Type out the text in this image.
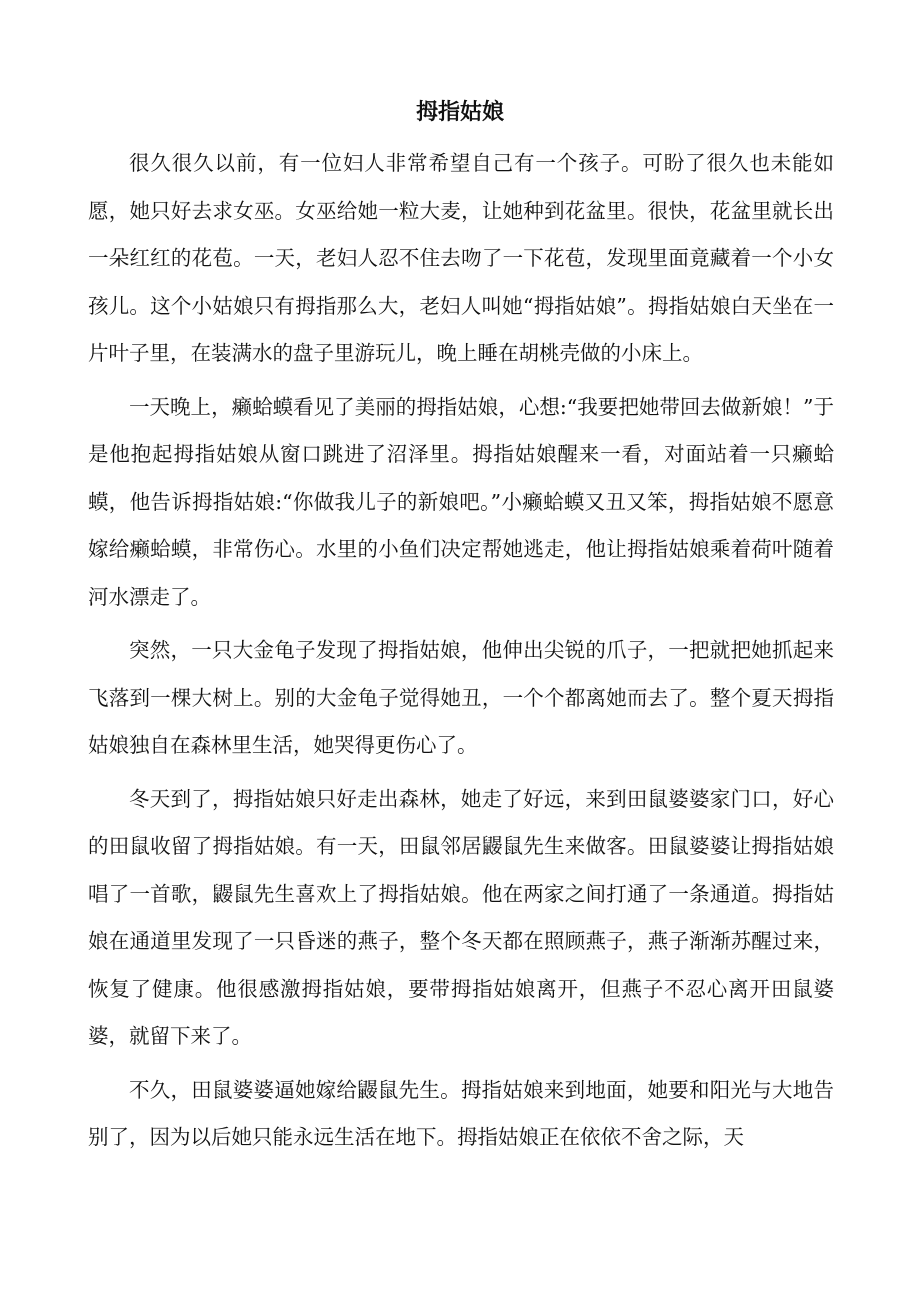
拇指姑娘

很久很久以前，有一位妇人非常希望自己有一个孩子。可盼了很久也未能如愿，她只好去求女巫。女巫给她一粒大麦，让她种到花盆里。很快，花盆里就长出一朵红红的花苞。一天，老妇人忍不住去吻了一下花苞，发现里面竟藏着一个小女孩儿。这个小姑娘只有拇指那么大，老妇人叫她“拇指姑娘”。拇指姑娘白天坐在一片叶子里，在装满水的盘子里游玩儿，晚上睡在胡桃壳做的小床上。

一天晚上，癞蛤蟆看见了美丽的拇指姑娘，心想:“我要把她带回去做新娘！”于是他抱起拇指姑娘从窗口跳进了沼泽里。拇指姑娘醒来一看，对面站着一只癞蛤蟆，他告诉拇指姑娘:“你做我儿子的新娘吧。”小癞蛤蟆又丑又笨，拇指姑娘不愿意嫁给癞蛤蟆，非常伤心。水里的小鱼们决定帮她逃走，他让拇指姑娘乘着荷叶随着河水漂走了。

突然，一只大金龟子发现了拇指姑娘，他伸出尖锐的爪子，一把就把她抓起来飞落到一棵大树上。别的大金龟子觉得她丑，一个个都离她而去了。整个夏天拇指姑娘独自在森林里生活，她哭得更伤心了。

冬天到了，拇指姑娘只好走出森林，她走了好远，来到田鼠婆婆家门口，好心的田鼠收留了拇指姑娘。有一天，田鼠邻居鼹鼠先生来做客。田鼠婆婆让拇指姑娘唱了一首歌，鼹鼠先生喜欢上了拇指姑娘。他在两家之间打通了一条通道。拇指姑娘在通道里发现了一只昏迷的燕子，整个冬天都在照顾燕子，燕子渐渐苏醒过来，恢复了健康。他很感激拇指姑娘，要带拇指姑娘离开，但燕子不忍心离开田鼠婆婆，就留下来了。

不久，田鼠婆婆逼她嫁给鼹鼠先生。拇指姑娘来到地面，她要和阳光与大地告别了，因为以后她只能永远生活在地下。拇指姑娘正在依依不舍之际，天
